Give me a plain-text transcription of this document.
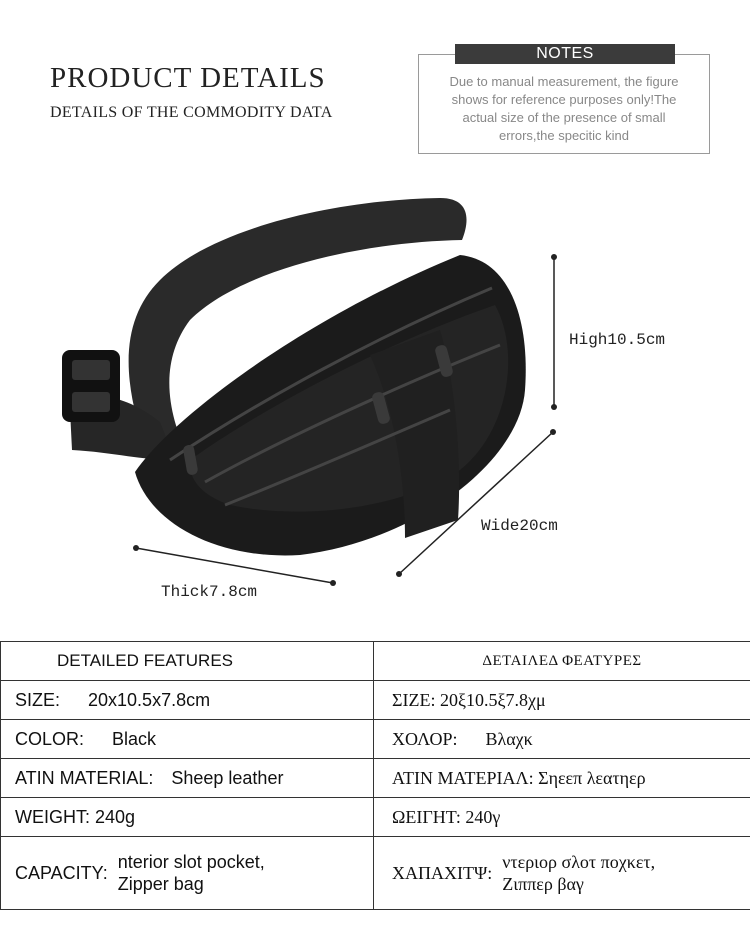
PRODUCT DETAILS
DETAILS OF THE COMMODITY DATA
NOTES
Due to manual measurement, the figure
shows for reference purposes only!The
actual size of the presence of small
errors,the specitic kind
High10.5cm
Wide20cm
Thick7.8cm
DETAILED FEATURES	ΔΕΤΑΙΛΕΔ ΦΕΑΤΥΡΕΣ
SIZE: 20x10.5x7.8cm	ΣΙΖΕ: 20ξ10.5ξ7.8χμ
COLOR: Black	ΧΟΛΟΡ: Βλαχκ
ATIN MATERIAL: Sheep leather	ΑΤΙΝ ΜΑΤΕΡΙΑΛ: Σηεεπ λεατηερ
WEIGHT: 240g	ΩΕΙΓΗΤ: 240γ

CAPACITY:
nterior slot pocket,
Zipper bag	ΧΑΠΑΧΙΤΨ:
ντεριορ σλοτ ποχκετ,
Ζιππερ βαγ
